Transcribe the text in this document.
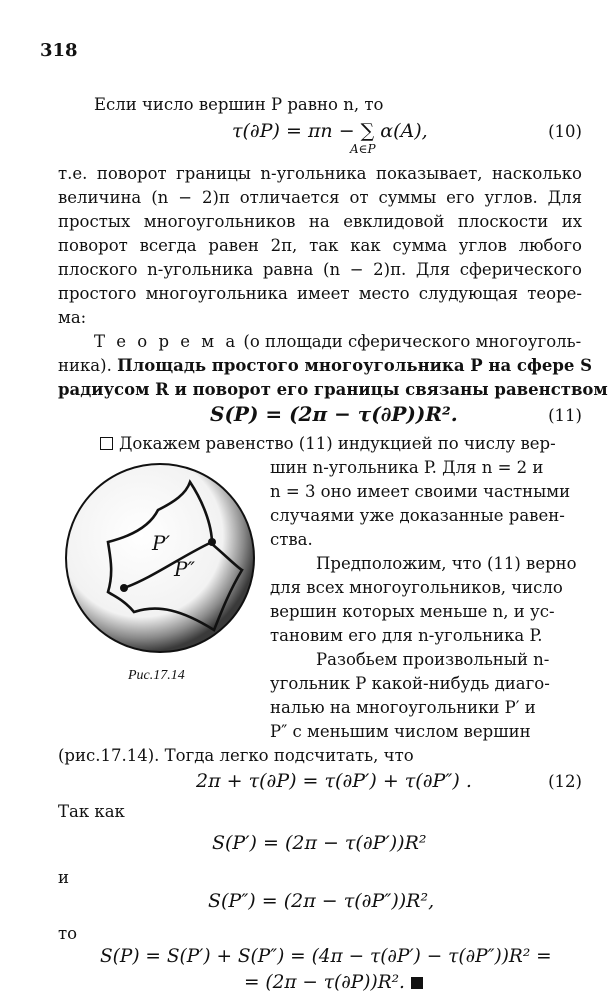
318
Если число вершин P равно n, то
τ(∂P) = πn − ∑ α(A),
A∈P
(10)
т.е. поворот границы n-угольника показывает, насколько
величина (n − 2)π отличается от суммы его углов. Для
простых многоугольников на евклидовой плоскости их
поворот всегда равен 2π, так как сумма углов любого
плоского n-угольника равна (n − 2)π. Для сферического
простого многоугольника имеет место слудующая теоре-
ма:
Т е о р е м а (о площади сферического многоуголь-
ника). Площадь простого многоугольника P на сфере S
радиусом R и поворот его границы связаны равенством
S(P) = (2π − τ(∂P))R².	(11)
Докажем равенство (11) индукцией по числу вер-
шин n-угольника P. Для n = 2 и
n = 3 оно имеет своими частными
случаями уже доказанные равен-
ства.
Предположим, что (11) верно
для всех многоугольников, число
вершин которых меньше n, и ус-
тановим его для n-угольника P.
Разобьем произвольный n-
угольник P какой-нибудь диаго-
налью на многоугольники P′ и
P″ с меньшим числом вершин
P′
P″
Рис.17.14
(рис.17.14). Тогда легко подсчитать, что
2π + τ(∂P) = τ(∂P′) + τ(∂P″) .	(12)
Так как
S(P′) = (2π − τ(∂P′))R²
и
S(P″) = (2π − τ(∂P″))R²,
то
S(P) = S(P′) + S(P″) = (4π − τ(∂P′) − τ(∂P″))R² =
= (2π − τ(∂P))R².
